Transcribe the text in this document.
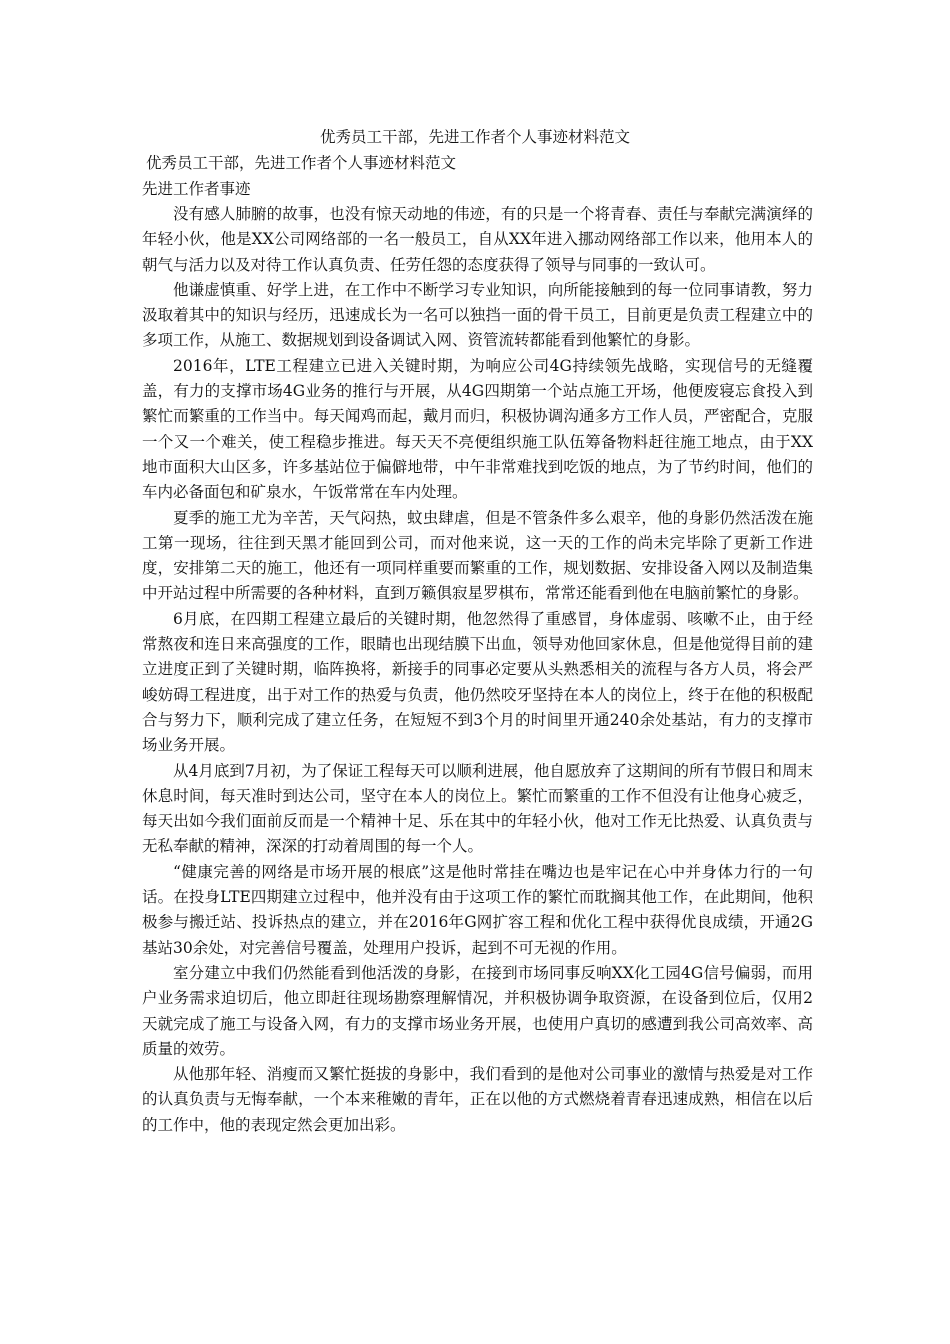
优秀员工干部，先进工作者个人事迹材料范文
优秀员工干部，先进工作者个人事迹材料范文
先进工作者事迹

没有感人肺腑的故事，也没有惊天动地的伟迹，有的只是一个将青春、责任与奉献完满演绎的年轻小伙，他是XX公司网络部的一名一般员工，自从XX年进入挪动网络部工作以来，他用本人的朝气与活力以及对待工作认真负责、任劳任怨的态度获得了领导与同事的一致认可。

他谦虚慎重、好学上进，在工作中不断学习专业知识，向所能接触到的每一位同事请教，努力汲取着其中的知识与经历，迅速成长为一名可以独挡一面的骨干员工，目前更是负责工程建立中的多项工作，从施工、数据规划到设备调试入网、资管流转都能看到他繁忙的身影。

2016年，LTE工程建立已进入关键时期，为响应公司4G持续领先战略，实现信号的无缝覆盖，有力的支撑市场4G业务的推行与开展，从4G四期第一个站点施工开场，他便废寝忘食投入到繁忙而繁重的工作当中。每天闻鸡而起，戴月而归，积极协调沟通多方工作人员，严密配合，克服一个又一个难关，使工程稳步推进。每天天不亮便组织施工队伍筹备物料赶往施工地点，由于XX地市面积大山区多，许多基站位于偏僻地带，中午非常难找到吃饭的地点，为了节约时间，他们的车内必备面包和矿泉水，午饭常常在车内处理。

夏季的施工尤为辛苦，天气闷热，蚊虫肆虐，但是不管条件多么艰辛，他的身影仍然活泼在施工第一现场，往往到天黑才能回到公司，而对他来说，这一天的工作的尚未完毕除了更新工作进度，安排第二天的施工，他还有一项同样重要而繁重的工作，规划数据、安排设备入网以及制造集中开站过程中所需要的各种材料，直到万籁俱寂星罗棋布，常常还能看到他在电脑前繁忙的身影。

6月底，在四期工程建立最后的关键时期，他忽然得了重感冒，身体虚弱、咳嗽不止，由于经常熬夜和连日来高强度的工作，眼睛也出现结膜下出血，领导劝他回家休息，但是他觉得目前的建立进度正到了关键时期，临阵换将，新接手的同事必定要从头熟悉相关的流程与各方人员，将会严峻妨碍工程进度，出于对工作的热爱与负责，他仍然咬牙坚持在本人的岗位上，终于在他的积极配合与努力下，顺利完成了建立任务，在短短不到3个月的时间里开通240余处基站，有力的支撑市场业务开展。

从4月底到7月初，为了保证工程每天可以顺利进展，他自愿放弃了这期间的所有节假日和周末休息时间，每天准时到达公司，坚守在本人的岗位上。繁忙而繁重的工作不但没有让他身心疲乏，每天出如今我们面前反而是一个精神十足、乐在其中的年轻小伙，他对工作无比热爱、认真负责与无私奉献的精神，深深的打动着周围的每一个人。

“健康完善的网络是市场开展的根底”这是他时常挂在嘴边也是牢记在心中并身体力行的一句话。在投身LTE四期建立过程中，他并没有由于这项工作的繁忙而耽搁其他工作，在此期间，他积极参与搬迁站、投诉热点的建立，并在2016年G网扩容工程和优化工程中获得优良成绩，开通2G基站30余处，对完善信号覆盖，处理用户投诉，起到不可无视的作用。

室分建立中我们仍然能看到他活泼的身影，在接到市场同事反响XX化工园4G信号偏弱，而用户业务需求迫切后，他立即赶往现场勘察理解情况，并积极协调争取资源，在设备到位后，仅用2天就完成了施工与设备入网，有力的支撑市场业务开展，也使用户真切的感遭到我公司高效率、高质量的效劳。

从他那年轻、消瘦而又繁忙挺拔的身影中，我们看到的是他对公司事业的激情与热爱是对工作的认真负责与无悔奉献，一个本来稚嫩的青年，正在以他的方式燃烧着青春迅速成熟，相信在以后的工作中，他的表现定然会更加出彩。
